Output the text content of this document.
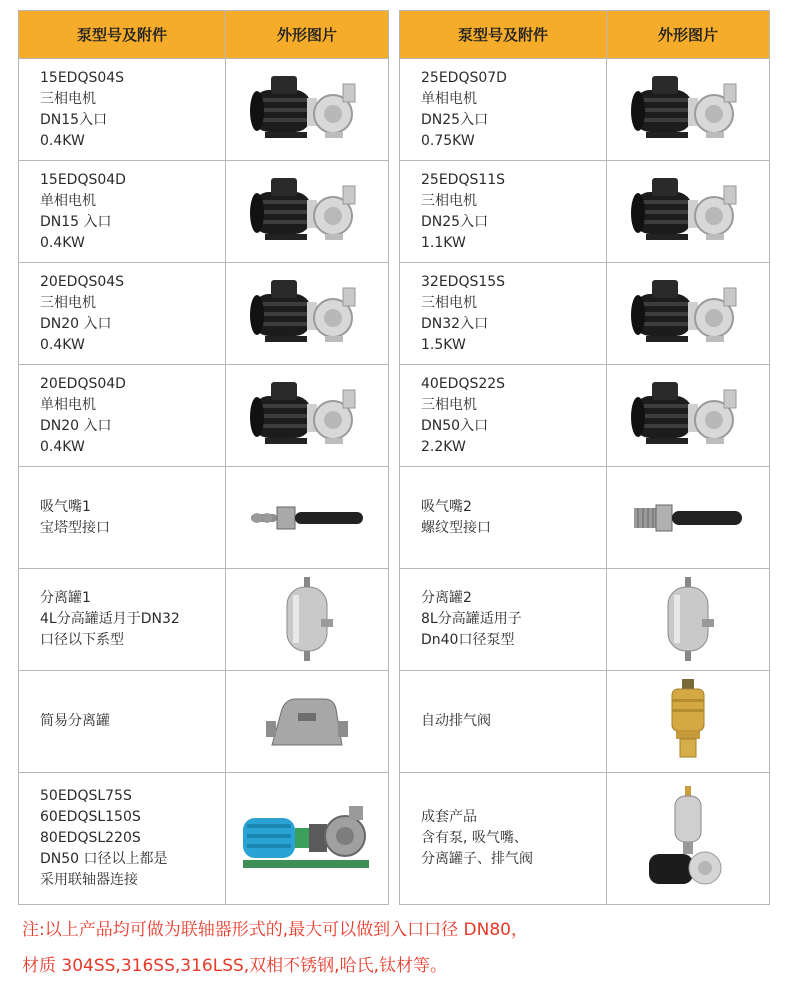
泵型号及附件	外形图片

15EDQS04S
三相电机
DN15入口
0.4KW

15EDQS04D
单相电机
DN15 入口
0.4KW

20EDQS04S
三相电机
DN20 入口
0.4KW

20EDQS04D
单相电机
DN20 入口
0.4KW

吸气嘴1
宝塔型接口

分离罐1
4L分高罐适月于DN32
口径以下系型

简易分离罐

50EDQSL75S
60EDQSL150S
80EDQSL220S
DN50 口径以上都是
采用联轴器连接

泵型号及附件	外形图片

25EDQS07D
单相电机
DN25入口
0.75KW

25EDQS11S
三相电机
DN25入口
1.1KW

32EDQS15S
三相电机
DN32入口
1.5KW

40EDQS22S
三相电机
DN50入口
2.2KW

吸气嘴2
螺纹型接口

分离罐2
8L分高罐适用子
Dn40口径泵型

自动排气阀

成套产品
含有泵, 吸气嘴、
分离罐子、排气阀

注:以上产品均可做为联轴器形式的,最大可以做到入口口径 DN80，
材质 304SS,316SS,316LSS,双相不锈钢,哈氏,钛材等。
